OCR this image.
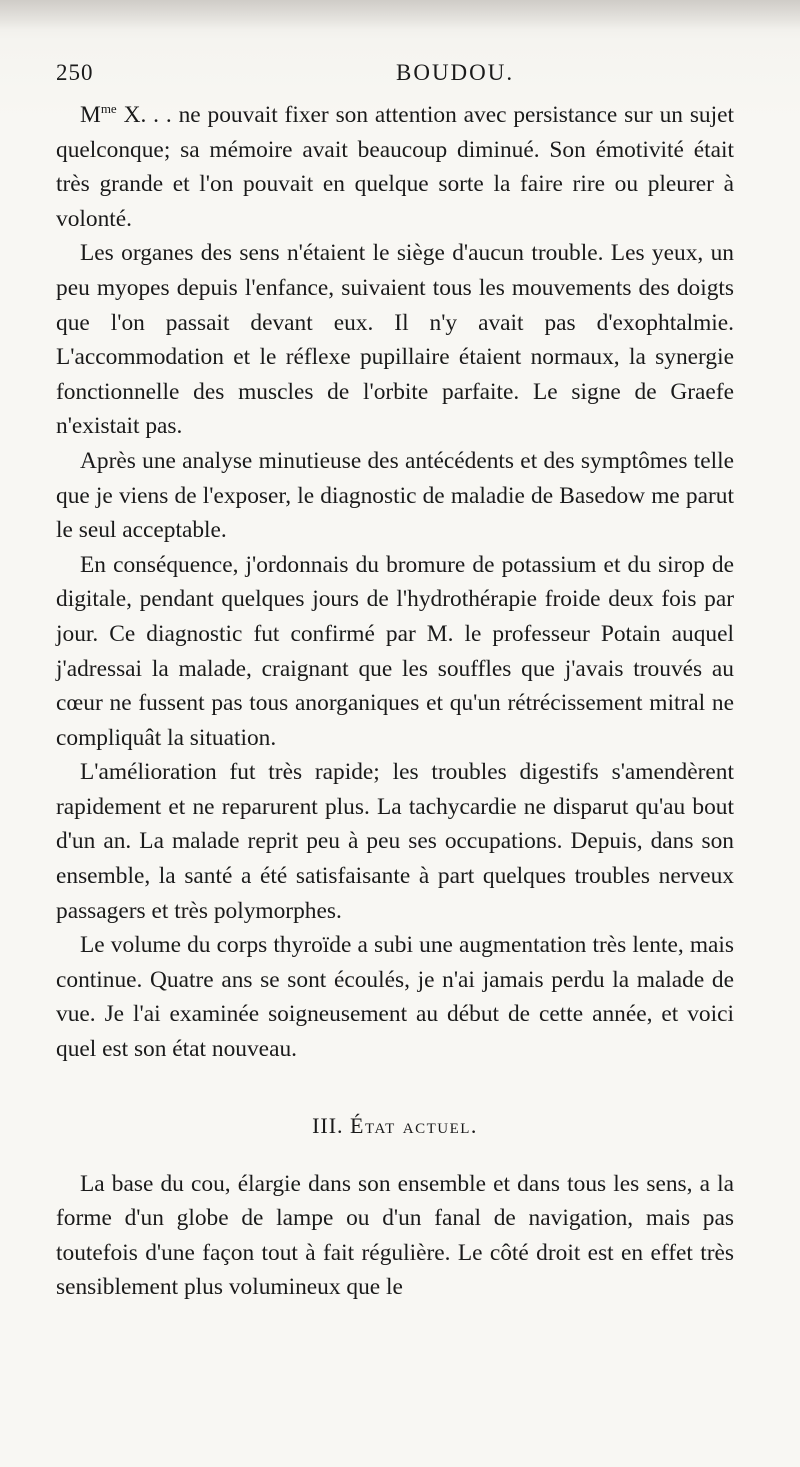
250	BOUDOU.

$M^{me}$ X. . . ne pouvait fixer son attention avec persistance sur un sujet quelconque; sa mémoire avait beaucoup diminué. Son émotivité était très grande et l'on pouvait en quelque sorte la faire rire ou pleurer à volonté.

Les organes des sens n'étaient le siège d'aucun trouble. Les yeux, un peu myopes depuis l'enfance, suivaient tous les mouvements des doigts que l'on passait devant eux. Il n'y avait pas d'exophtalmie. L'accommodation et le réflexe pupillaire étaient normaux, la synergie fonctionnelle des muscles de l'orbite parfaite. Le signe de Graefe n'existait pas.

Après une analyse minutieuse des antécédents et des symptômes telle que je viens de l'exposer, le diagnostic de maladie de Basedow me parut le seul acceptable.

En conséquence, j'ordonnais du bromure de potassium et du sirop de digitale, pendant quelques jours de l'hydrothérapie froide deux fois par jour. Ce diagnostic fut confirmé par M. le professeur Potain auquel j'adressai la malade, craignant que les souffles que j'avais trouvés au cœur ne fussent pas tous anorganiques et qu'un rétrécissement mitral ne compliquât la situation.

L'amélioration fut très rapide; les troubles digestifs s'amendèrent rapidement et ne reparurent plus. La tachycardie ne disparut qu'au bout d'un an. La malade reprit peu à peu ses occupations. Depuis, dans son ensemble, la santé a été satisfaisante à part quelques troubles nerveux passagers et très polymorphes.

Le volume du corps thyroïde a subi une augmentation très lente, mais continue. Quatre ans se sont écoulés, je n'ai jamais perdu la malade de vue. Je l'ai examinée soigneusement au début de cette année, et voici quel est son état nouveau.

III. État actuel.

La base du cou, élargie dans son ensemble et dans tous les sens, a la forme d'un globe de lampe ou d'un fanal de navigation, mais pas toutefois d'une façon tout à fait régulière. Le côté droit est en effet très sensiblement plus volumineux que le
